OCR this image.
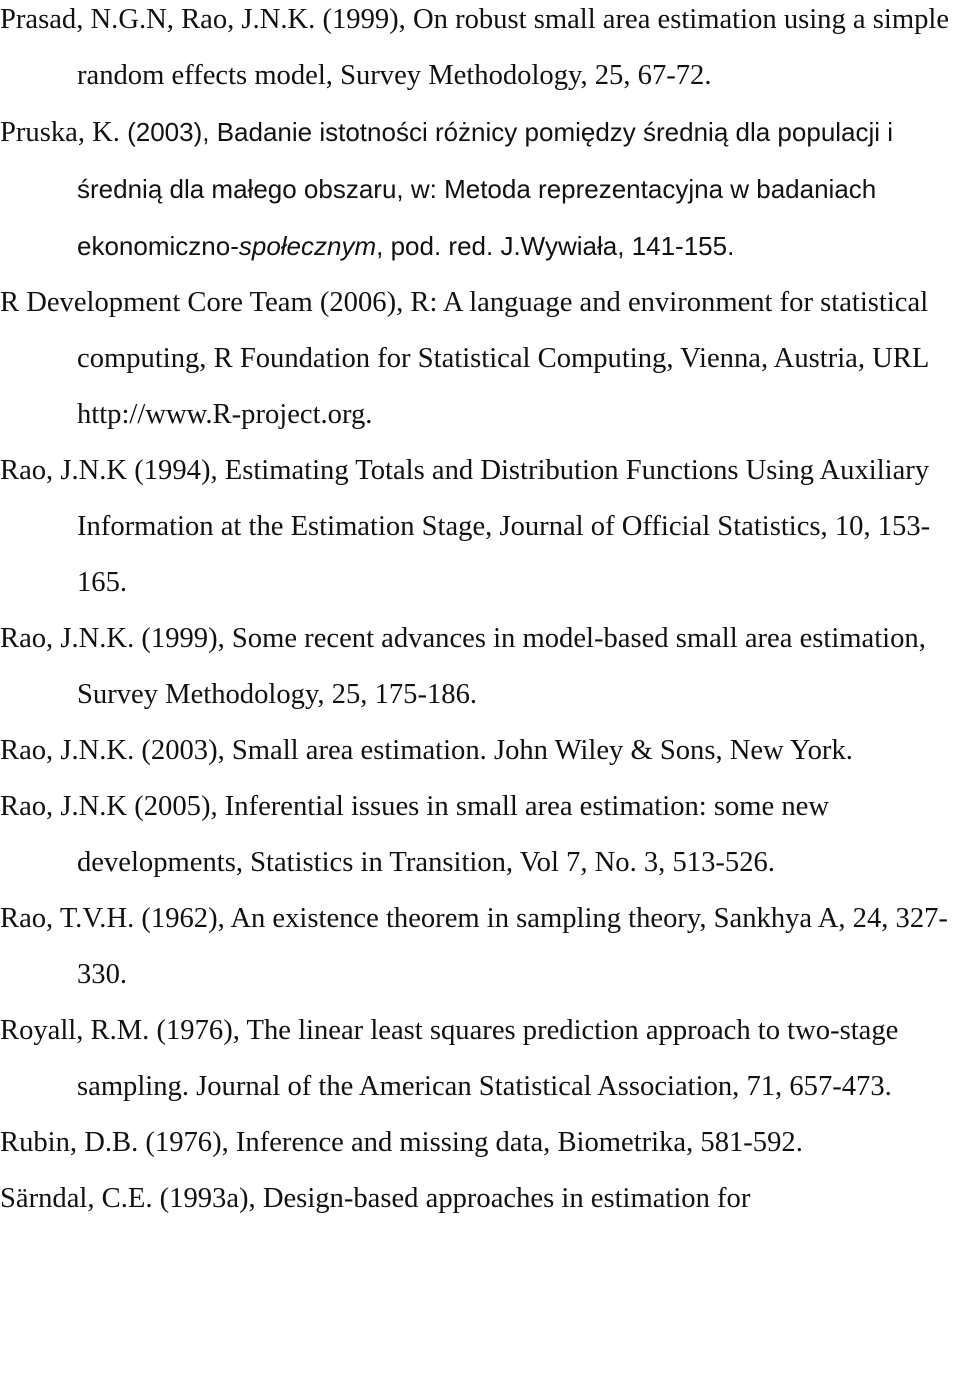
Prasad, N.G.N, Rao, J.N.K. (1999), On robust small area estimation using a simple random effects model, Survey Methodology, 25, 67-72.

Pruska, K. (2003), Badanie istotności różnicy pomiędzy średnią dla populacji i średnią dla małego obszaru, w: Metoda reprezentacyjna w badaniach ekonomiczno-społecznym, pod. red. J.Wywiała, 141-155.

R Development Core Team (2006), R: A language and environment for statistical computing, R Foundation for Statistical Computing, Vienna, Austria, URL http://www.R-project.org.

Rao, J.N.K (1994), Estimating Totals and Distribution Functions Using Auxiliary Information at the Estimation Stage, Journal of Official Statistics, 10, 153-165.

Rao, J.N.K. (1999), Some recent advances in model-based small area estimation, Survey Methodology, 25, 175-186.

Rao, J.N.K. (2003), Small area estimation. John Wiley & Sons, New York.

Rao, J.N.K (2005), Inferential issues in small area estimation: some new developments, Statistics in Transition, Vol 7, No. 3, 513-526.

Rao, T.V.H. (1962), An existence theorem in sampling theory, Sankhya A, 24, 327-330.

Royall, R.M. (1976), The linear least squares prediction approach to two-stage sampling. Journal of the American Statistical Association, 71, 657-473.

Rubin, D.B. (1976), Inference and missing data, Biometrika, 581-592.

Särndal, C.E. (1993a), Design-based approaches in estimation for
